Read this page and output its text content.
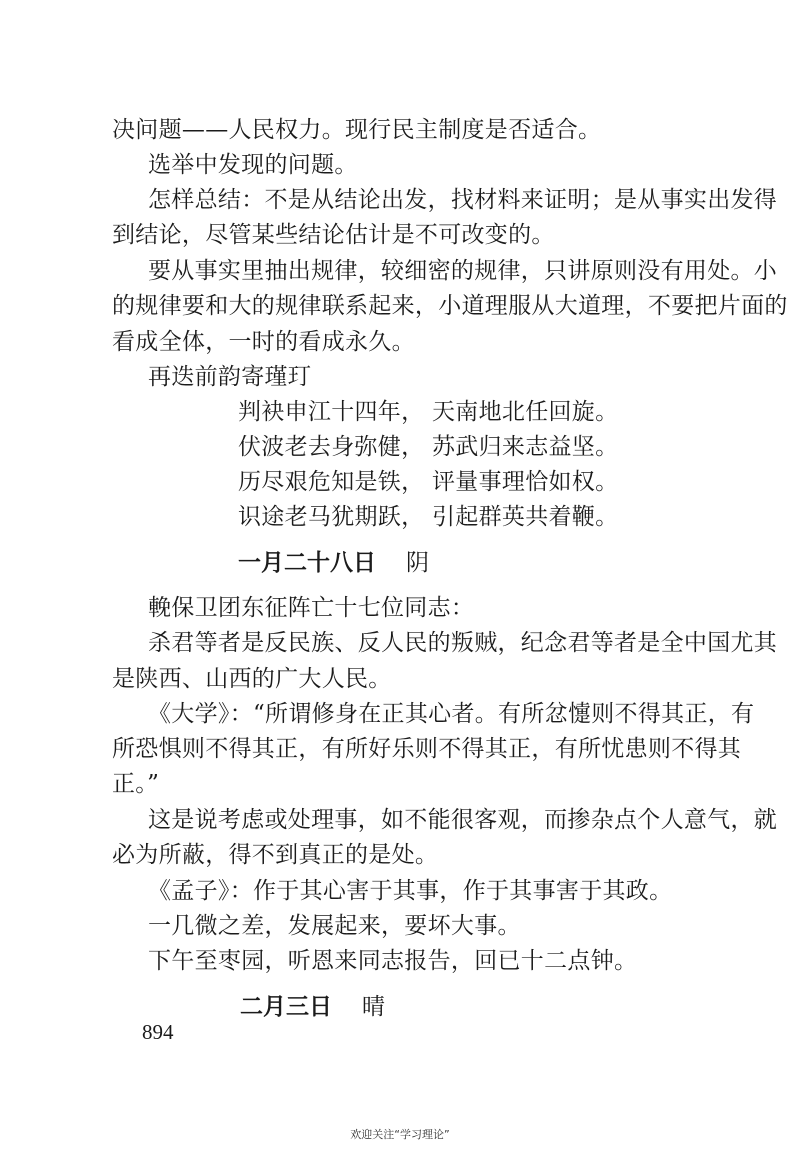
决问题——人民权力。现行民主制度是否适合。
选举中发现的问题。
怎样总结：不是从结论出发，找材料来证明；是从事实出发得
到结论，尽管某些结论估计是不可改变的。
要从事实里抽出规律，较细密的规律，只讲原则没有用处。小
的规律要和大的规律联系起来，小道理服从大道理，不要把片面的
看成全体，一时的看成永久。
再迭前韵寄瑾玎
判袂申江十四年， 天南地北任回旋。
伏波老去身弥健， 苏武归来志益坚。
历尽艰危知是铁， 评量事理恰如权。
识途老马犹期跃， 引起群英共着鞭。
一月二十八日 阴
輓保卫团东征阵亡十七位同志：
杀君等者是反民族、反人民的叛贼，纪念君等者是全中国尤其
是陕西、山西的广大人民。
《大学》：“所谓修身在正其心者。有所忿懥则不得其正，有
所恐惧则不得其正，有所好乐则不得其正，有所忧患则不得其
正。”
这是说考虑或处理事，如不能很客观，而掺杂点个人意气，就
必为所蔽，得不到真正的是处。
《孟子》：作于其心害于其事，作于其事害于其政。
一几微之差，发展起来，要坏大事。
下午至枣园，听恩来同志报告，回已十二点钟。
二月三日 晴
894
欢迎关注“学习理论”
